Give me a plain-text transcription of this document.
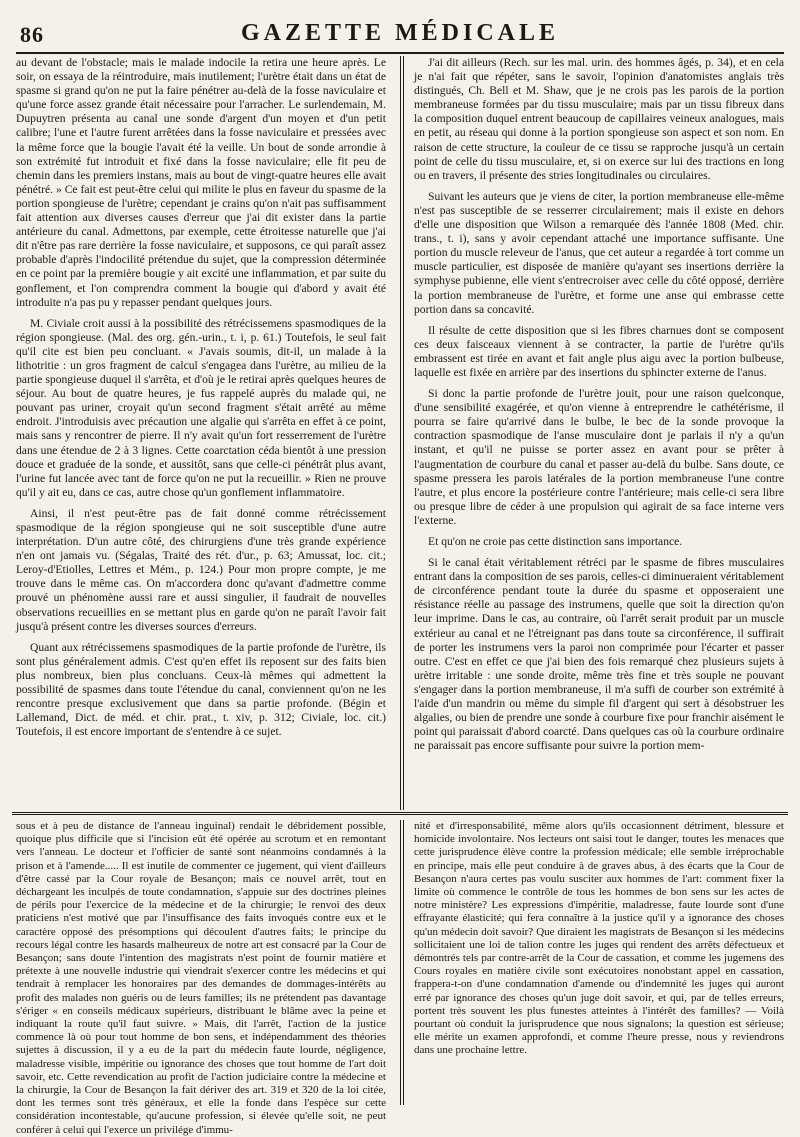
86	GAZETTE MÉDICALE

au devant de l'obstacle; mais le malade indocile la retira une heure après. Le soir, on essaya de la réintroduire, mais inutilement; l'urètre était dans un état de spasme si grand qu'on ne put la faire pénétrer au-delà de la fosse naviculaire et qu'une force assez grande était nécessaire pour l'arracher. Le surlendemain, M. Dupuytren présenta au canal une sonde d'argent d'un moyen et d'un petit calibre; l'une et l'autre furent arrêtées dans la fosse naviculaire et pressées avec la même force que la bougie l'avait été la veille. Un bout de sonde arrondie à son extrémité fut introduit et fixé dans la fosse naviculaire; elle fit peu de chemin dans les premiers instans, mais au bout de vingt-quatre heures elle avait pénétré. » Ce fait est peut-être celui qui milite le plus en faveur du spasme de la portion spongieuse de l'urètre; cependant je crains qu'on n'ait pas suffisamment fait attention aux diverses causes d'erreur que j'ai dit exister dans la partie antérieure du canal. Admettons, par exemple, cette étroitesse naturelle que j'ai dit n'être pas rare derrière la fosse naviculaire, et supposons, ce qui paraît assez probable d'après l'indocilité prétendue du sujet, que la compression déterminée en ce point par la première bougie y ait excité une inflammation, et par suite du gonflement, et l'on comprendra comment la bougie qui d'abord y avait été introduite n'a pas pu y repasser pendant quelques jours.

M. Civiale croit aussi à la possibilité des rétrécissemens spasmodiques de la région spongieuse. (Mal. des org. gén.-urin., t. i, p. 61.) Toutefois, le seul fait qu'il cite est bien peu concluant. « J'avais soumis, dit-il, un malade à la lithotritie : un gros fragment de calcul s'engagea dans l'urètre, au milieu de la partie spongieuse duquel il s'arrêta, et d'où je le retirai après quelques heures de séjour. Au bout de quatre heures, je fus rappelé auprès du malade qui, ne pouvant pas uriner, croyait qu'un second fragment s'était arrêté au même endroit. J'introduisis avec précaution une algalie qui s'arrêta en effet à ce point, mais sans y rencontrer de pierre. Il n'y avait qu'un fort resserrement de l'urètre dans une étendue de 2 à 3 lignes. Cette coarctation céda bientôt à une pression douce et graduée de la sonde, et aussitôt, sans que celle-ci pénétrât plus avant, l'urine fut lancée avec tant de force qu'on ne put la recueillir. » Rien ne prouve qu'il y ait eu, dans ce cas, autre chose qu'un gonflement inflammatoire.

Ainsi, il n'est peut-être pas de fait donné comme rétrécissement spasmodique de la région spongieuse qui ne soit susceptible d'une autre interprétation. D'un autre côté, des chirurgiens d'une très grande expérience n'en ont jamais vu. (Ségalas, Traité des rét. d'ur., p. 63; Amussat, loc. cit.; Leroy-d'Etiolles, Lettres et Mém., p. 124.) Pour mon propre compte, je me trouve dans le même cas. On m'accordera donc qu'avant d'admettre comme prouvé un phénomène aussi rare et aussi singulier, il faudrait de nouvelles observations recueillies en se mettant plus en garde qu'on ne paraît l'avoir fait jusqu'à présent contre les diverses sources d'erreurs.

Quant aux rétrécissemens spasmodiques de la partie profonde de l'urètre, ils sont plus généralement admis. C'est qu'en effet ils reposent sur des faits bien plus nombreux, bien plus concluans. Ceux-là mêmes qui admettent la possibilité de spasmes dans toute l'étendue du canal, conviennent qu'on ne les rencontre presque exclusivement que dans sa partie profonde. (Bégin et Lallemand, Dict. de méd. et chir. prat., t. xiv, p. 312; Civiale, loc. cit.) Toutefois, il est encore important de s'entendre à ce sujet.

J'ai dit ailleurs (Rech. sur les mal. urin. des hommes âgés, p. 34), et en cela je n'ai fait que répéter, sans le savoir, l'opinion d'anatomistes anglais très distingués, Ch. Bell et M. Shaw, que je ne crois pas les parois de la portion membraneuse formées par du tissu musculaire; mais par un tissu fibreux dans la composition duquel entrent beaucoup de capillaires veineux analogues, mais en petit, au réseau qui donne à la portion spongieuse son aspect et son nom. En raison de cette structure, la couleur de ce tissu se rapproche jusqu'à un certain point de celle du tissu musculaire, et, si on exerce sur lui des tractions en long ou en travers, il présente des stries longitudinales ou circulaires.

Suivant les auteurs que je viens de citer, la portion membraneuse elle-même n'est pas susceptible de se resserrer circulairement; mais il existe en dehors d'elle une disposition que Wilson a remarquée dès l'année 1808 (Med. chir. trans., t. i), sans y avoir cependant attaché une importance suffisante. Une portion du muscle releveur de l'anus, que cet auteur a regardée à tort comme un muscle particulier, est disposée de manière qu'ayant ses insertions derrière la symphyse pubienne, elle vient s'entrecroiser avec celle du côté opposé, derrière la portion membraneuse de l'urètre, et forme une anse qui embrasse cette portion dans sa concavité.

Il résulte de cette disposition que si les fibres charnues dont se composent ces deux faisceaux viennent à se contracter, la partie de l'urètre qu'ils embrassent est tirée en avant et fait angle plus aigu avec la portion bulbeuse, laquelle est fixée en arrière par des insertions du sphincter externe de l'anus.

Si donc la partie profonde de l'urètre jouit, pour une raison quelconque, d'une sensibilité exagérée, et qu'on vienne à entreprendre le cathétérisme, il pourra se faire qu'arrivé dans le bulbe, le bec de la sonde provoque la contraction spasmodique de l'anse musculaire dont je parlais il n'y a qu'un instant, et qu'il ne puisse se porter assez en avant pour se prêter à l'augmentation de courbure du canal et passer au-delà du bulbe. Sans doute, ce spasme pressera les parois latérales de la portion membraneuse l'une contre l'autre, et plus encore la postérieure contre l'antérieure; mais celle-ci sera libre ou presque libre de céder à une propulsion qui agirait de sa face interne vers l'externe.

Et qu'on ne croie pas cette distinction sans importance.

Si le canal était véritablement rétréci par le spasme de fibres musculaires entrant dans la composition de ses parois, celles-ci diminueraient véritablement de circonférence pendant toute la durée du spasme et opposeraient une résistance réelle au passage des instrumens, quelle que soit la direction qu'on leur imprime. Dans le cas, au contraire, où l'arrêt serait produit par un muscle extérieur au canal et ne l'étreignant pas dans toute sa circonférence, il suffirait de porter les instrumens vers la paroi non comprimée pour l'écarter et passer outre. C'est en effet ce que j'ai bien des fois remarqué chez plusieurs sujets à urètre irritable : une sonde droite, même très fine et très souple ne pouvant s'engager dans la portion membraneuse, il m'a suffi de courber son extrémité à l'aide d'un mandrin ou même du simple fil d'argent qui sert à désobstruer les algalies, ou bien de prendre une sonde à courbure fixe pour franchir aisément le point qui paraissait d'abord coarcté. Dans quelques cas où la courbure ordinaire ne paraissait pas encore suffisante pour suivre la portion mem-

sous et à peu de distance de l'anneau inguinal) rendait le débridement possible, quoique plus difficile que si l'incision eût été opérée au scrotum et en remontant vers l'anneau. Le docteur et l'officier de santé sont néanmoins condamnés à la prison et à l'amende..... Il est inutile de commenter ce jugement, qui vient d'ailleurs d'être cassé par la Cour royale de Besançon; mais ce nouvel arrêt, tout en déchargeant les inculpés de toute condamnation, s'appuie sur des doctrines pleines de périls pour l'exercice de la médecine et de la chirurgie; le renvoi des deux praticiens n'est motivé que par l'insuffisance des faits invoqués contre eux et le caractère opposé des présomptions qui découlent d'autres faits; le principe du recours légal contre les hasards malheureux de notre art est consacré par la Cour de Besançon; sans doute l'intention des magistrats n'est point de fournir matière et prétexte à une nouvelle industrie qui viendrait s'exercer contre les médecins et qui tendrait à remplacer les honoraires par des demandes de dommages-intérêts au profit des malades non guéris ou de leurs familles; ils ne prétendent pas davantage s'ériger « en conseils médicaux supérieurs, distribuant le blâme avec la peine et indiquant la route qu'il faut suivre. » Mais, dit l'arrêt, l'action de la justice commence là où pour tout homme de bon sens, et indépendamment des théories sujettes à discussion, il y a eu de la part du médecin faute lourde, négligence, maladresse visible, impéritie ou ignorance des choses que tout homme de l'art doit savoir, etc. Cette revendication au profit de l'action judiciaire contre la médecine et la chirurgie, la Cour de Besançon la fait dériver des art. 319 et 320 de la loi citée, dont les termes sont très généraux, et elle la fonde dans l'espèce sur cette considération incontestable, qu'aucune profession, si élevée qu'elle soit, ne peut conférer à celui qui l'exerce un privilége d'immu-

nité et d'irresponsabilité, même alors qu'ils occasionnent détriment, blessure et homicide involontaire. Nos lecteurs ont saisi tout le danger, toutes les menaces que cette jurisprudence élève contre la profession médicale; elle semble irréprochable en principe, mais elle peut conduire à de graves abus, à des écarts que la Cour de Besançon n'aura certes pas voulu susciter aux hommes de l'art: comment fixer la limite où commence le contrôle de tous les hommes de bon sens sur les actes de notre ministère? Les expressions d'impéritie, maladresse, faute lourde sont d'une effrayante élasticité; qui fera connaître à la justice qu'il y a ignorance des choses qu'un médecin doit savoir? Que diraient les magistrats de Besançon si les médecins sollicitaient une loi de talion contre les juges qui rendent des arrêts défectueux et démontrés tels par contre-arrêt de la Cour de cassation, et comme les jugemens des Cours royales en matière civile sont exécutoires nonobstant appel en cassation, frappera-t-on d'une condamnation d'amende ou d'indemnité les juges qui auront erré par ignorance des choses qu'un juge doit savoir, et qui, par de telles erreurs, portent très souvent les plus funestes atteintes à l'intérêt des familles? — Voilà pourtant où conduit la jurisprudence que nous signalons; la question est sérieuse; elle mérite un examen approfondi, et comme l'heure presse, nous y reviendrons dans une prochaine lettre.
